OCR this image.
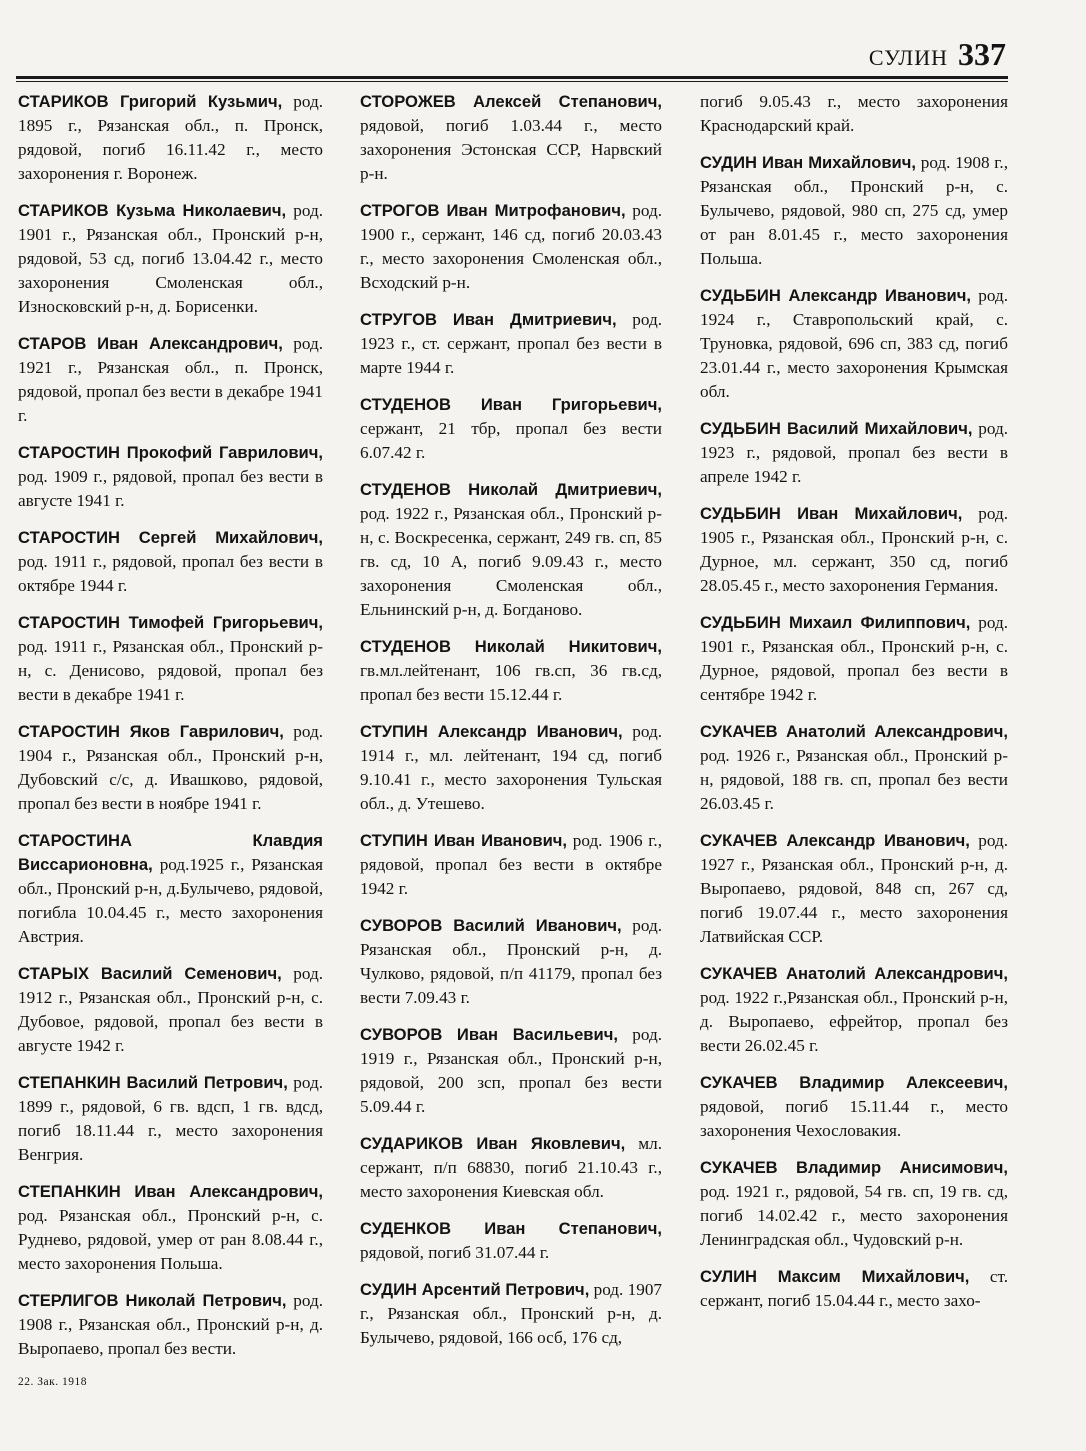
СУЛИН 337

СТАРИКОВ Григорий Кузьмич, род. 1895 г., Рязанская обл., п. Пронск, рядовой, погиб 16.11.42 г., место захоронения г. Воронеж.

СТАРИКОВ Кузьма Николаевич, род. 1901 г., Рязанская обл., Пронский р-н, рядовой, 53 сд, погиб 13.04.42 г., место захоронения Смоленская обл., Износковский р-н, д. Борисенки.

СТАРОВ Иван Александрович, род. 1921 г., Рязанская обл., п. Пронск, рядовой, пропал без вести в декабре 1941 г.

СТАРОСТИН Прокофий Гаврилович, род. 1909 г., рядовой, пропал без вести в августе 1941 г.

СТАРОСТИН Сергей Михайлович, род. 1911 г., рядовой, пропал без вести в октябре 1944 г.

СТАРОСТИН Тимофей Григорьевич, род. 1911 г., Рязанская обл., Пронский р-н, с. Денисово, рядовой, пропал без вести в декабре 1941 г.

СТАРОСТИН Яков Гаврилович, род. 1904 г., Рязанская обл., Пронский р-н, Дубовский с/с, д. Ивашково, рядовой, пропал без вести в ноябре 1941 г.

СТАРОСТИНА Клавдия Виссарионовна, род.1925 г., Рязанская обл., Пронский р-н, д.Булычево, рядовой, погибла 10.04.45 г., место захоронения Австрия.

СТАРЫХ Василий Семенович, род. 1912 г., Рязанская обл., Пронский р-н, с. Дубовое, рядовой, пропал без вести в августе 1942 г.

СТЕПАНКИН Василий Петрович, род. 1899 г., рядовой, 6 гв. вдсп, 1 гв. вдсд, погиб 18.11.44 г., место захоронения Венгрия.

СТЕПАНКИН Иван Александрович, род. Рязанская обл., Пронский р-н, с. Руднево, рядовой, умер от ран 8.08.44 г., место захоронения Польша.

СТЕРЛИГОВ Николай Петрович, род. 1908 г., Рязанская обл., Пронский р-н, д. Выропаево, пропал без вести.

СТОРОЖЕВ Алексей Степанович, рядовой, погиб 1.03.44 г., место захоронения Эстонская ССР, Нарвский р-н.

СТРОГОВ Иван Митрофанович, род. 1900 г., сержант, 146 сд, погиб 20.03.43 г., место захоронения Смоленская обл., Всходский р-н.

СТРУГОВ Иван Дмитриевич, род. 1923 г., ст. сержант, пропал без вести в марте 1944 г.

СТУДЕНОВ Иван Григорьевич, сержант, 21 тбр, пропал без вести 6.07.42 г.

СТУДЕНОВ Николай Дмитриевич, род. 1922 г., Рязанская обл., Пронский р-н, с. Воскресенка, сержант, 249 гв. сп, 85 гв. сд, 10 А, погиб 9.09.43 г., место захоронения Смоленская обл., Ельнинский р-н, д. Богданово.

СТУДЕНОВ Николай Никитович, гв.мл.лейтенант, 106 гв.сп, 36 гв.сд, пропал без вести 15.12.44 г.

СТУПИН Александр Иванович, род. 1914 г., мл. лейтенант, 194 сд, погиб 9.10.41 г., место захоронения Тульская обл., д. Утешево.

СТУПИН Иван Иванович, род. 1906 г., рядовой, пропал без вести в октябре 1942 г.

СУВОРОВ Василий Иванович, род. Рязанская обл., Пронский р-н, д. Чулково, рядовой, п/п 41179, пропал без вести 7.09.43 г.

СУВОРОВ Иван Васильевич, род. 1919 г., Рязанская обл., Пронский р-н, рядовой, 200 зсп, пропал без вести 5.09.44 г.

СУДАРИКОВ Иван Яковлевич, мл. сержант, п/п 68830, погиб 21.10.43 г., место захоронения Киевская обл.

СУДЕНКОВ Иван Степанович, рядовой, погиб 31.07.44 г.

СУДИН Арсентий Петрович, род. 1907 г., Рязанская обл., Пронский р-н, д. Булычево, рядовой, 166 осб, 176 сд,

погиб 9.05.43 г., место захоронения Краснодарский край.

СУДИН Иван Михайлович, род. 1908 г., Рязанская обл., Пронский р-н, с. Булычево, рядовой, 980 сп, 275 сд, умер от ран 8.01.45 г., место захоронения Польша.

СУДЬБИН Александр Иванович, род. 1924 г., Ставропольский край, с. Труновка, рядовой, 696 сп, 383 сд, погиб 23.01.44 г., место захоронения Крымская обл.

СУДЬБИН Василий Михайлович, род. 1923 г., рядовой, пропал без вести в апреле 1942 г.

СУДЬБИН Иван Михайлович, род. 1905 г., Рязанская обл., Пронский р-н, с. Дурное, мл. сержант, 350 сд, погиб 28.05.45 г., место захоронения Германия.

СУДЬБИН Михаил Филиппович, род. 1901 г., Рязанская обл., Пронский р-н, с. Дурное, рядовой, пропал без вести в сентябре 1942 г.

СУКАЧЕВ Анатолий Александрович, род. 1926 г., Рязанская обл., Пронский р-н, рядовой, 188 гв. сп, пропал без вести 26.03.45 г.

СУКАЧЕВ Александр Иванович, род. 1927 г., Рязанская обл., Пронский р-н, д. Выропаево, рядовой, 848 сп, 267 сд, погиб 19.07.44 г., место захоронения Латвийская ССР.

СУКАЧЕВ Анатолий Александрович, род. 1922 г.,Рязанская обл., Пронский р-н, д. Выропаево, ефрейтор, пропал без вести 26.02.45 г.

СУКАЧЕВ Владимир Алексеевич, рядовой, погиб 15.11.44 г., место захоронения Чехословакия.

СУКАЧЕВ Владимир Анисимович, род. 1921 г., рядовой, 54 гв. сп, 19 гв. сд, погиб 14.02.42 г., место захоронения Ленинградская обл., Чудовский р-н.

СУЛИН Максим Михайлович, ст. сержант, погиб 15.04.44 г., место захо-

22. Зак. 1918
